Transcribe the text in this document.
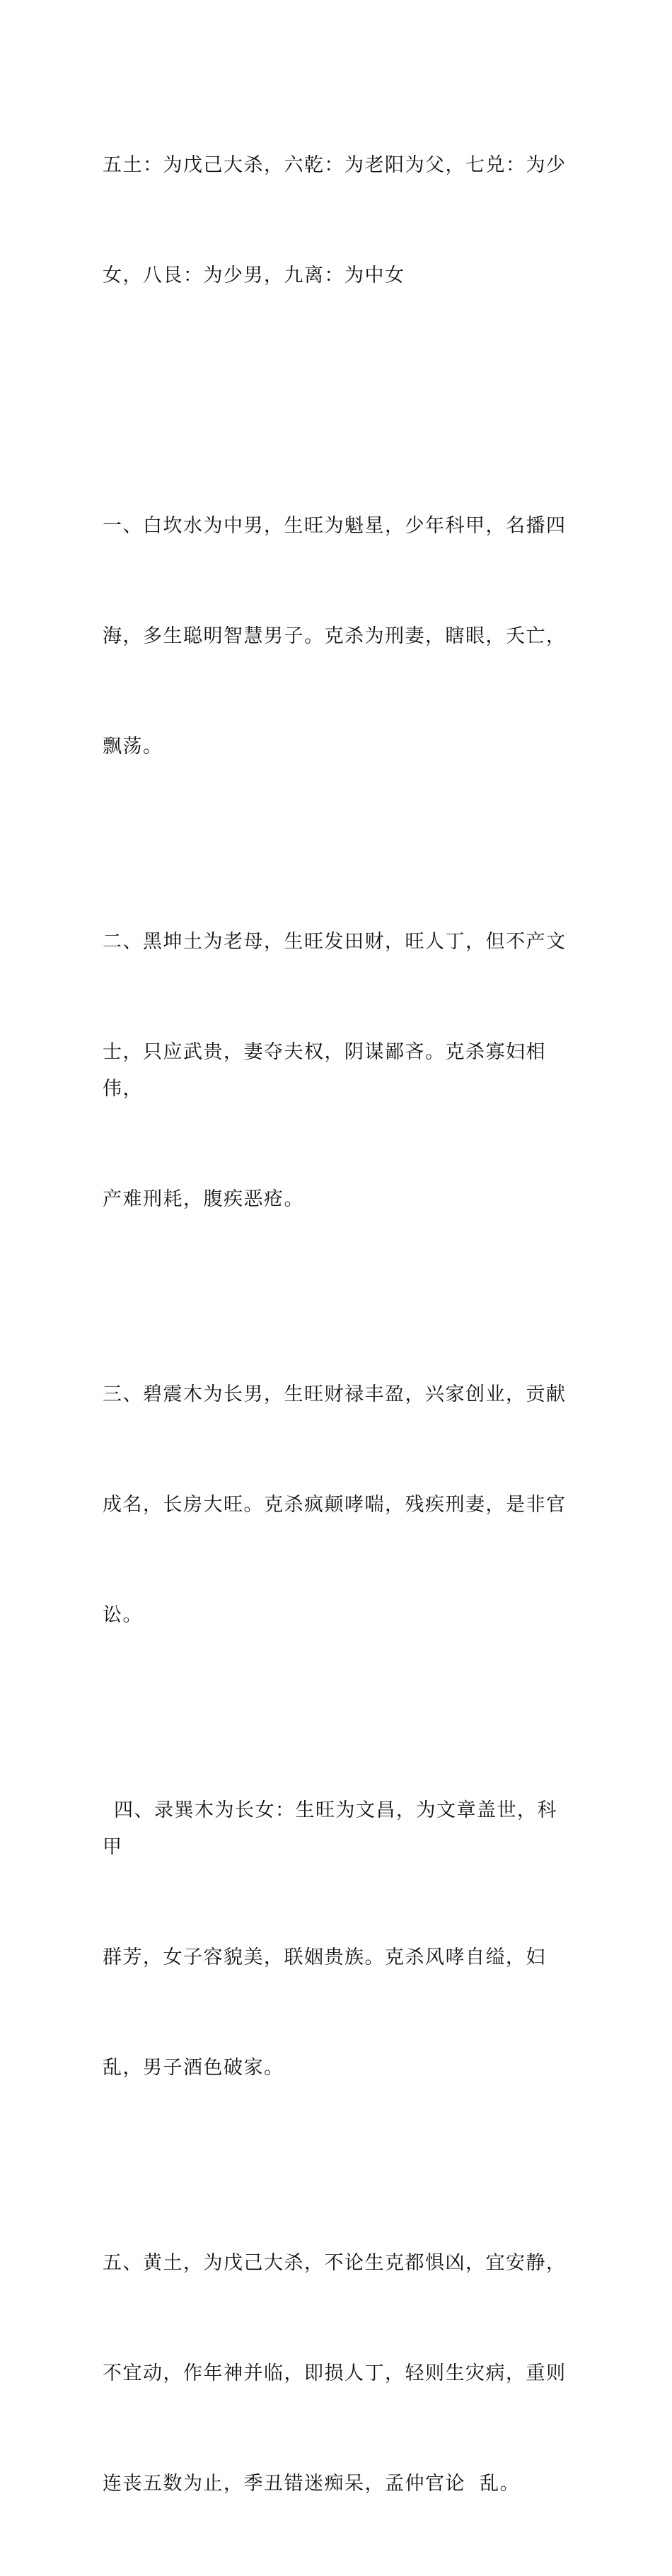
五土：为戊己大杀，六乾：为老阳为父，七兑：为少

女，八艮：为少男，九离：为中女

一、白坎水为中男，生旺为魁星，少年科甲，名播四

海，多生聪明智慧男子。克杀为刑妻，瞎眼，夭亡，

飘荡。

二、黑坤土为老母，生旺发田财，旺人丁，但不产文

士，只应武贵，妻夺夫权，阴谋鄙吝。克杀寡妇相伟，

产难刑耗，腹疾恶疮。

三、碧震木为长男，生旺财禄丰盈，兴家创业，贡献

成名，长房大旺。克杀疯颠哮喘，残疾刑妻，是非官

讼。

四、录巽木为长女：生旺为文昌，为文章盖世，科甲

群芳，女子容貌美，联姻贵族。克杀风哮自缢，妇

乱，男子酒色破家。

五、黄土，为戊己大杀，不论生克都惧凶，宜安静，

不宜动，作年神并临，即损人丁，轻则生灾病，重则

连丧五数为止，季丑错迷痴呆，孟仲官论  乱。
